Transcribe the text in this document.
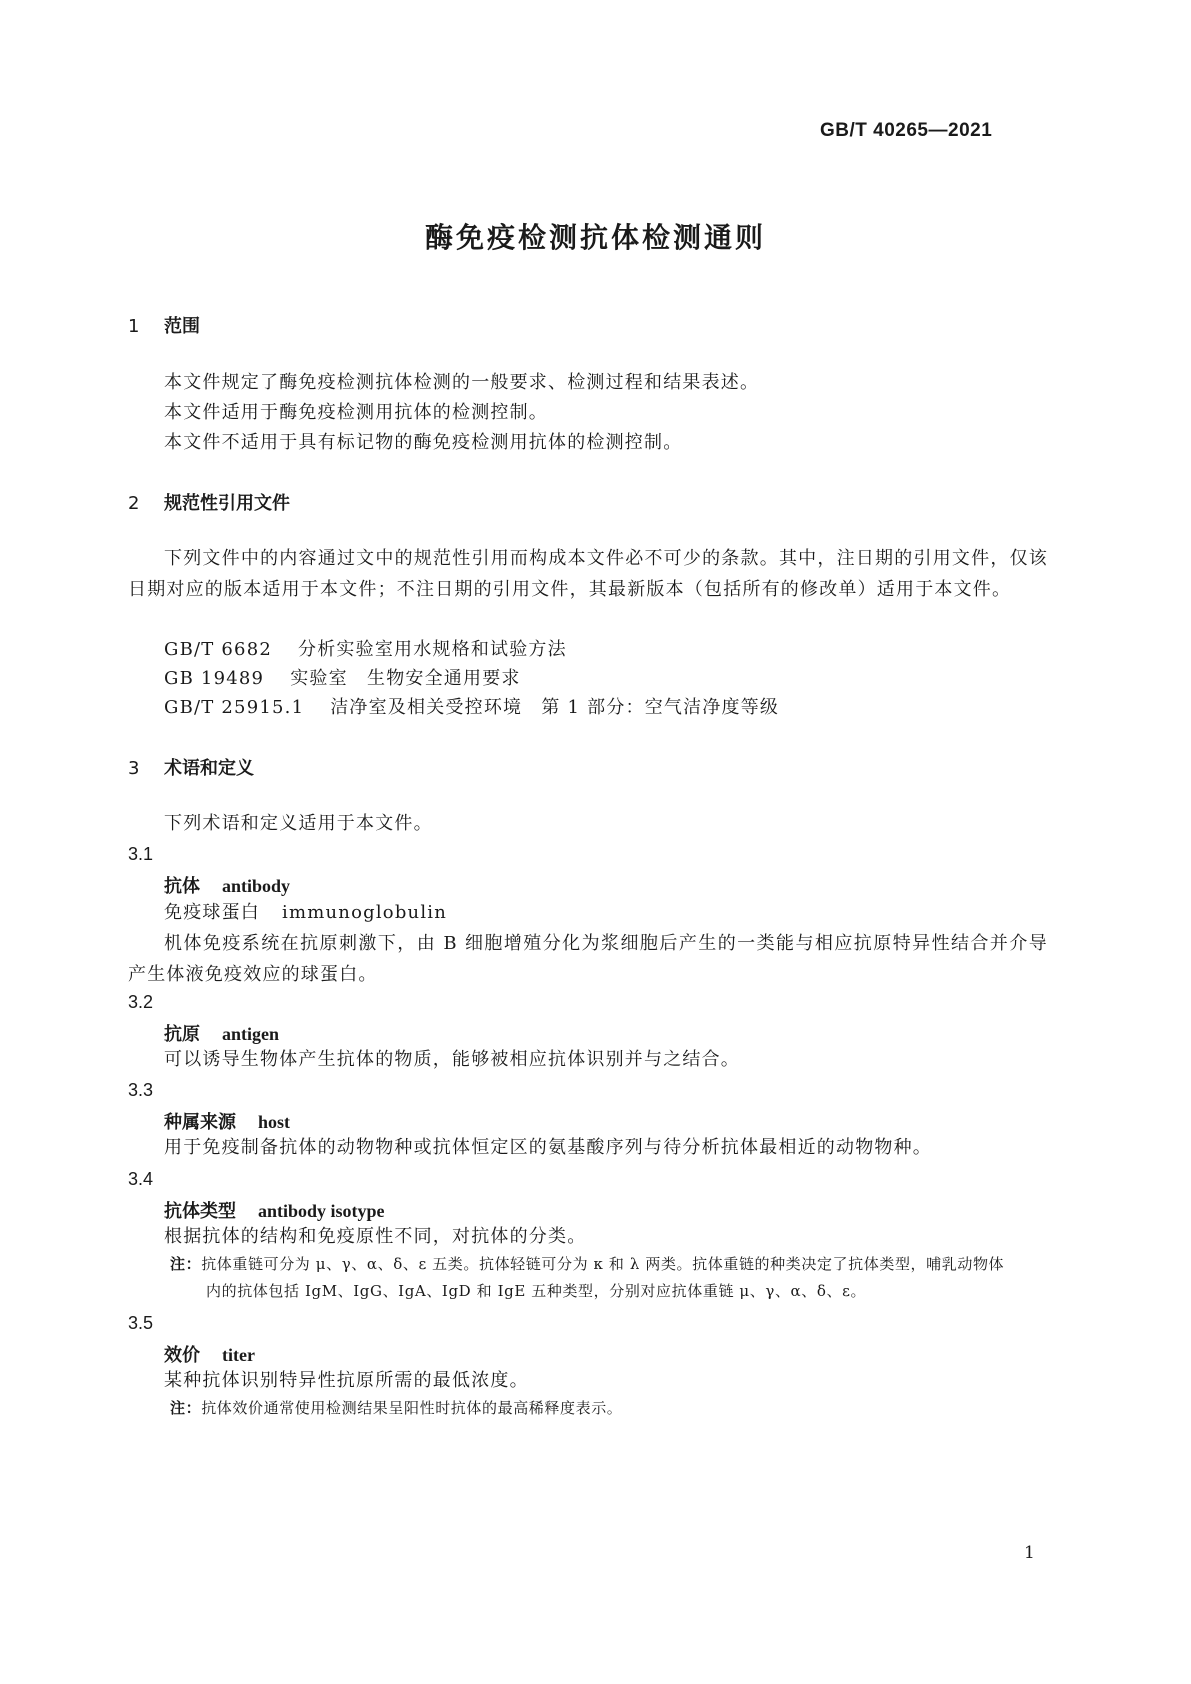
GB/T 40265—2021
酶免疫检测抗体检测通则
1 范围
本文件规定了酶免疫检测抗体检测的一般要求、检测过程和结果表述。
本文件适用于酶免疫检测用抗体的检测控制。
本文件不适用于具有标记物的酶免疫检测用抗体的检测控制。
2 规范性引用文件
下列文件中的内容通过文中的规范性引用而构成本文件必不可少的条款。其中，注日期的引用文件，仅该日期对应的版本适用于本文件；不注日期的引用文件，其最新版本（包括所有的修改单）适用于本文件。
GB/T 6682 分析实验室用水规格和试验方法
GB 19489 实验室　生物安全通用要求
GB/T 25915.1 洁净室及相关受控环境　第 1 部分：空气洁净度等级
3 术语和定义
下列术语和定义适用于本文件。
3.1
抗体 antibody
免疫球蛋白 immunoglobulin
机体免疫系统在抗原刺激下，由 B 细胞增殖分化为浆细胞后产生的一类能与相应抗原特异性结合并介导产生体液免疫效应的球蛋白。
3.2
抗原 antigen
可以诱导生物体产生抗体的物质，能够被相应抗体识别并与之结合。
3.3
种属来源 host
用于免疫制备抗体的动物物种或抗体恒定区的氨基酸序列与待分析抗体最相近的动物物种。
3.4
抗体类型 antibody isotype
根据抗体的结构和免疫原性不同，对抗体的分类。
注：抗体重链可分为 μ、γ、α、δ、ε 五类。抗体轻链可分为 κ 和 λ 两类。抗体重链的种类决定了抗体类型，哺乳动物体
内的抗体包括 IgM、IgG、IgA、IgD 和 IgE 五种类型，分别对应抗体重链 μ、γ、α、δ、ε。
3.5
效价 titer
某种抗体识别特异性抗原所需的最低浓度。
注：抗体效价通常使用检测结果呈阳性时抗体的最高稀释度表示。
1
